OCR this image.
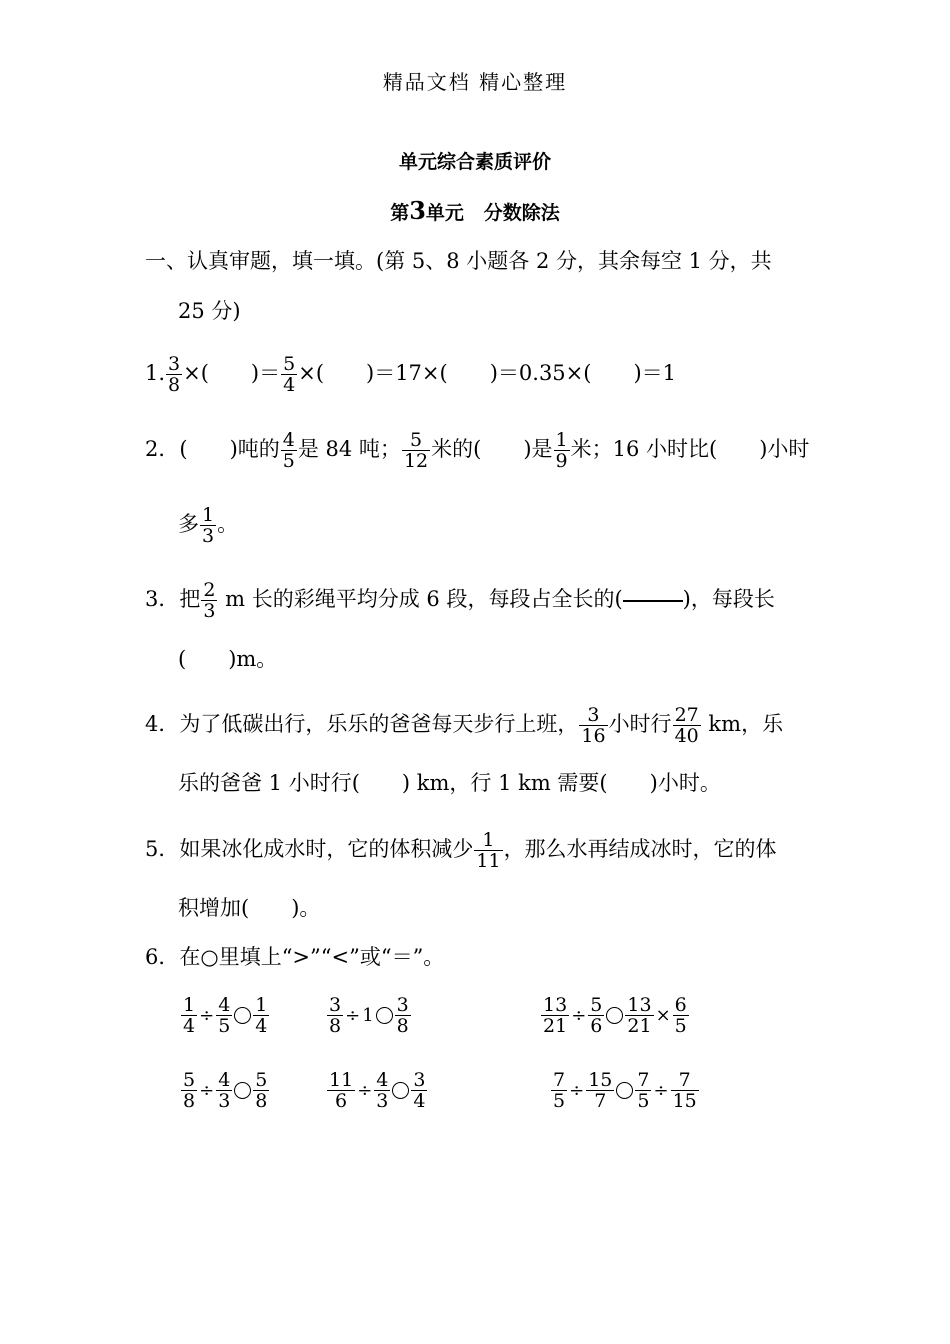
精品文档 精心整理
单元综合素质评价
第3单元 分数除法
一、认真审题，填一填。(第 5、8 小题各 2 分，其余每空 1 分，共
25 分)
1. $\frac{3}{8}$ ×(　　)＝ $\frac{5}{4}$ ×(　　)＝17×(　　)＝0.35×(　　)＝1
2．(　　)吨的 $\frac{4}{5}$ 是 84 吨； $\frac{5}{12}$ 米的(　　)是 $\frac{1}{9}$ 米；16 小时比(　　)小时
多 $\frac{1}{3}$ 。
3．把 $\frac{2}{3}$ m 长的彩绳平均分成 6 段，每段占全长的(	)，每段长
(　　)m。
4．为了低碳出行，乐乐的爸爸每天步行上班， $\frac{3}{16}$ 小时行 $\frac{27}{40}$ km，乐
乐的爸爸 1 小时行(　　) km，行 1 km 需要(　　)小时。
5．如果冰化成水时，它的体积减少 $\frac{1}{11}$ ，那么水再结成冰时，它的体
积增加(　　)。
6．在○里填上“>”“<”或“＝”。
$\frac{1}{4} \div \frac{4}{5} \frac{1}{4}$	$\frac{3}{8} \div 1 \frac{3}{8}$	$\frac{13}{21} \div \frac{5}{6} \frac{13}{21} \times \frac{6}{5}$
$\frac{5}{8} \div \frac{4}{3} \frac{5}{8}$	$\frac{11}{6} \div \frac{4}{3} \frac{3}{4}$	$\frac{7}{5} \div \frac{15}{7} \frac{7}{5} \div \frac{7}{15}$
